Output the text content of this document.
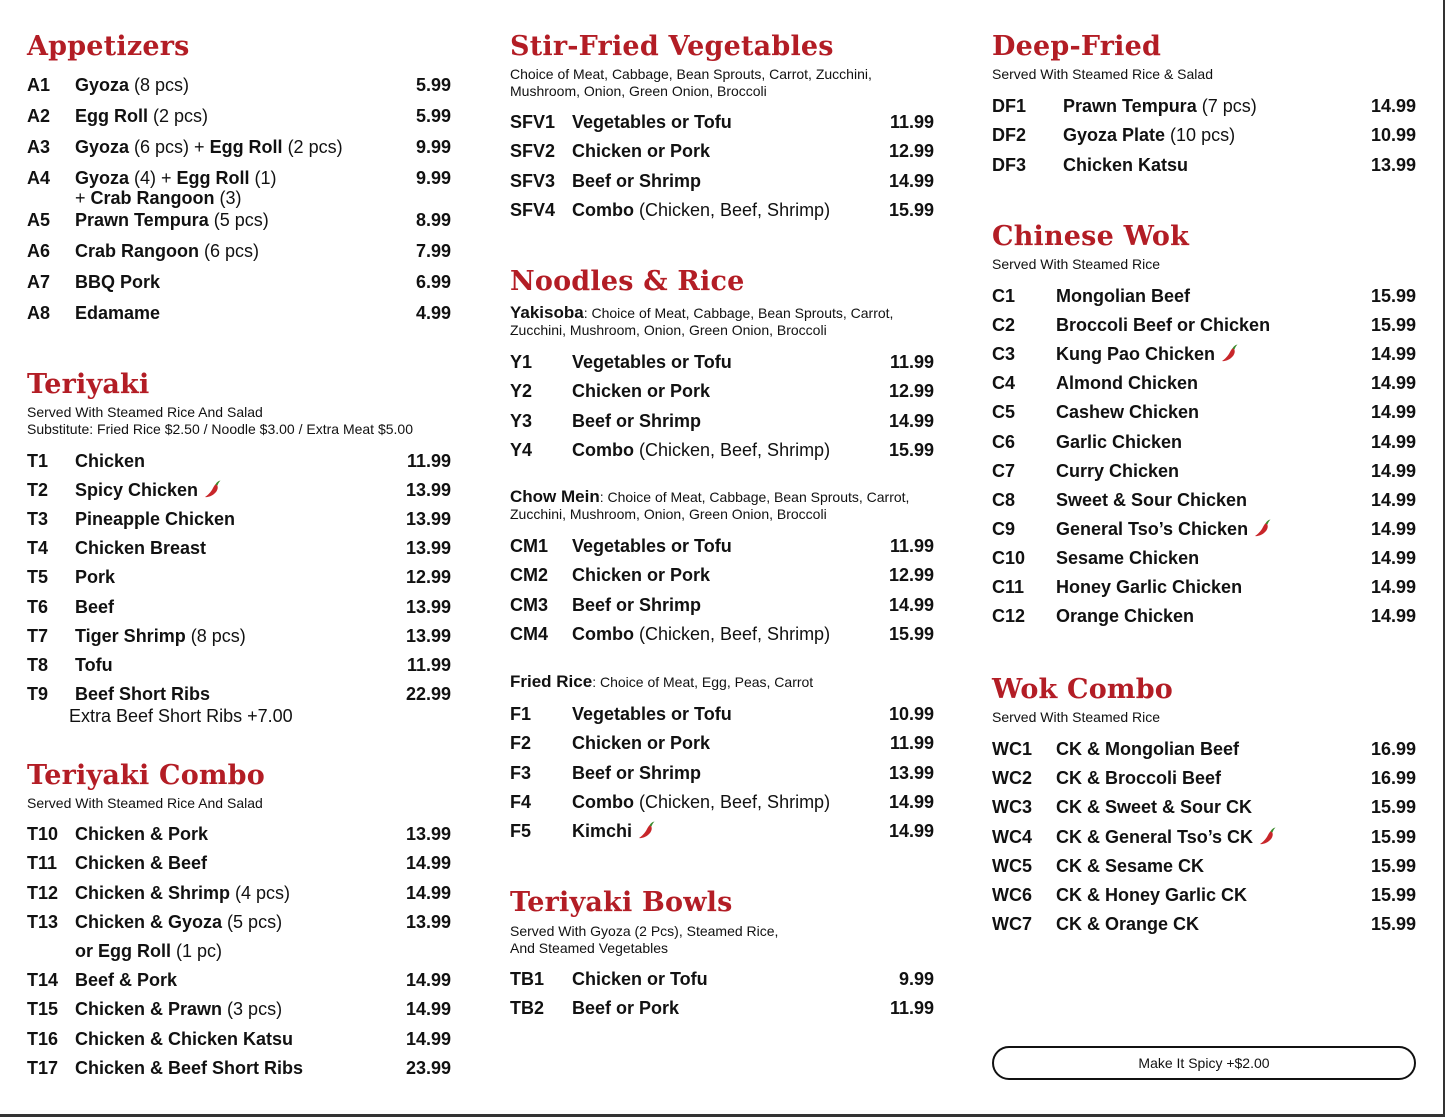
Appetizers
A1 Gyoza (8 pcs)	5.99
A2 Egg Roll (2 pcs)	5.99
A3 Gyoza (6 pcs) + Egg Roll (2 pcs)	9.99
A4 Gyoza (4) + Egg Roll (1)	9.99
+ Crab Rangoon (3)
A5 Prawn Tempura (5 pcs)	8.99
A6 Crab Rangoon (6 pcs)	7.99
A7 BBQ Pork	6.99
A8 Edamame	4.99
Teriyaki
Served With Steamed Rice And Salad
Substitute: Fried Rice $2.50 / Noodle $3.00 / Extra Meat $5.00
T1 Chicken	11.99
T2 Spicy Chicken	13.99
T3 Pineapple Chicken	13.99
T4 Chicken Breast	13.99
T5 Pork	12.99
T6 Beef	13.99
T7 Tiger Shrimp (8 pcs)	13.99
T8 Tofu	11.99
T9 Beef Short Ribs	22.99
Extra Beef Short Ribs +7.00
Teriyaki Combo
Served With Steamed Rice And Salad
T10 Chicken & Pork	13.99
T11 Chicken & Beef	14.99
T12 Chicken & Shrimp (4 pcs)	14.99
T13 Chicken & Gyoza (5 pcs)	13.99
or Egg Roll (1 pc)
T14 Beef & Pork	14.99
T15 Chicken & Prawn (3 pcs)	14.99
T16 Chicken & Chicken Katsu	14.99
T17 Chicken & Beef Short Ribs	23.99
Stir-Fried Vegetables
Choice of Meat, Cabbage, Bean Sprouts, Carrot, Zucchini,
Mushroom, Onion, Green Onion, Broccoli
SFV1 Vegetables or Tofu	11.99
SFV2 Chicken or Pork	12.99
SFV3 Beef or Shrimp	14.99
SFV4 Combo (Chicken, Beef, Shrimp)	15.99
Noodles & Rice
Yakisoba: Choice of Meat, Cabbage, Bean Sprouts, Carrot,
Zucchini, Mushroom, Onion, Green Onion, Broccoli
Y1 Vegetables or Tofu	11.99
Y2 Chicken or Pork	12.99
Y3 Beef or Shrimp	14.99
Y4 Combo (Chicken, Beef, Shrimp)	15.99
Chow Mein: Choice of Meat, Cabbage, Bean Sprouts, Carrot,
Zucchini, Mushroom, Onion, Green Onion, Broccoli
CM1 Vegetables or Tofu	11.99
CM2 Chicken or Pork	12.99
CM3 Beef or Shrimp	14.99
CM4 Combo (Chicken, Beef, Shrimp)	15.99
Fried Rice: Choice of Meat, Egg, Peas, Carrot
F1 Vegetables or Tofu	10.99
F2 Chicken or Pork	11.99
F3 Beef or Shrimp	13.99
F4 Combo (Chicken, Beef, Shrimp)	14.99
F5 Kimchi	14.99
Teriyaki Bowls
Served With Gyoza (2 Pcs), Steamed Rice,
And Steamed Vegetables
TB1 Chicken or Tofu	9.99
TB2 Beef or Pork	11.99
Deep-Fried
Served With Steamed Rice & Salad
DF1 Prawn Tempura (7 pcs)	14.99
DF2 Gyoza Plate (10 pcs)	10.99
DF3 Chicken Katsu	13.99
Chinese Wok
Served With Steamed Rice
C1 Mongolian Beef	15.99
C2 Broccoli Beef or Chicken	15.99
C3 Kung Pao Chicken	14.99
C4 Almond Chicken	14.99
C5 Cashew Chicken	14.99
C6 Garlic Chicken	14.99
C7 Curry Chicken	14.99
C8 Sweet & Sour Chicken	14.99
C9 General Tso’s Chicken	14.99
C10 Sesame Chicken	14.99
C11 Honey Garlic Chicken	14.99
C12 Orange Chicken	14.99
Wok Combo
Served With Steamed Rice
WC1 CK & Mongolian Beef	16.99
WC2 CK & Broccoli Beef	16.99
WC3 CK & Sweet & Sour CK	15.99
WC4 CK & General Tso’s CK	15.99
WC5 CK & Sesame CK	15.99
WC6 CK & Honey Garlic CK	15.99
WC7 CK & Orange CK	15.99
Make It Spicy +$2.00
